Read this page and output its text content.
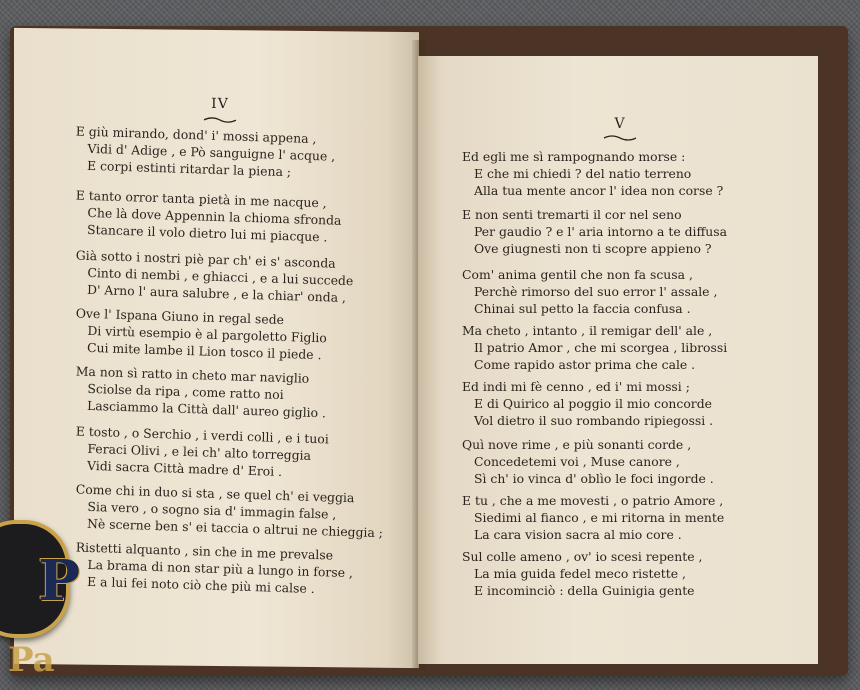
IV
E giù mirando, dond' i' mossi appena ,
Vidi d' Adige , e Pò sanguigne l' acque ,
E corpi estinti ritardar la piena ;
E tanto orror tanta pietà in me nacque ,
Che là dove Appennin la chioma sfronda
Stancare il volo dietro lui mi piacque .
Già sotto i nostri piè par ch' ei s' asconda
Cinto di nembi , e ghiacci , e a lui succede
D' Arno l' aura salubre , e la chiar' onda ,
Ove l' Ispana Giuno in regal sede
Di virtù esempio è al pargoletto Figlio
Cui mite lambe il Lion tosco il piede .
Ma non sì ratto in cheto mar naviglio
Sciolse da ripa , come ratto noi
Lasciammo la Città dall' aureo giglio .
E tosto , o Serchio , i verdi colli , e i tuoi
Feraci Olivi , e lei ch' alto torreggia
Vidi sacra Città madre d' Eroi .
Come chi in duo si sta , se quel ch' ei veggia
Sia vero , o sogno sia d' immagin false ,
Nè scerne ben s' ei taccia o altrui ne chieggia ;
Ristetti alquanto , sin che in me prevalse
La brama di non star più a lungo in forse ,
E a lui fei noto ciò che più mi calse .
V
Ed egli me sì rampognando morse :
E che mi chiedi ? del natio terreno
Alla tua mente ancor l' idea non corse ?
E non senti tremarti il cor nel seno
Per gaudio ? e l' aria intorno a te diffusa
Ove giugnesti non ti scopre appieno ?
Com' anima gentil che non fa scusa ,
Perchè rimorso del suo error l' assale ,
Chinai sul petto la faccia confusa .
Ma cheto , intanto , il remigar dell' ale ,
Il patrio Amor , che mi scorgea , librossi
Come rapido astor prima che cale .
Ed indi mi fè cenno , ed i' mi mossi ;
E di Quirico al poggio il mio concorde
Vol dietro il suo rombando ripiegossi .
Quì nove rime , e più sonanti corde ,
Concedetemi voi , Muse canore ,
Sì ch' io vinca d' oblìo le foci ingorde .
E tu , che a me movesti , o patrio Amore ,
Siedimi al fianco , e mi ritorna in mente
La cara vision sacra al mio core .
Sul colle ameno , ov' io scesi repente ,
La mia guida fedel meco ristette ,
E incominciò : della Guinigia gente
P
Pa
